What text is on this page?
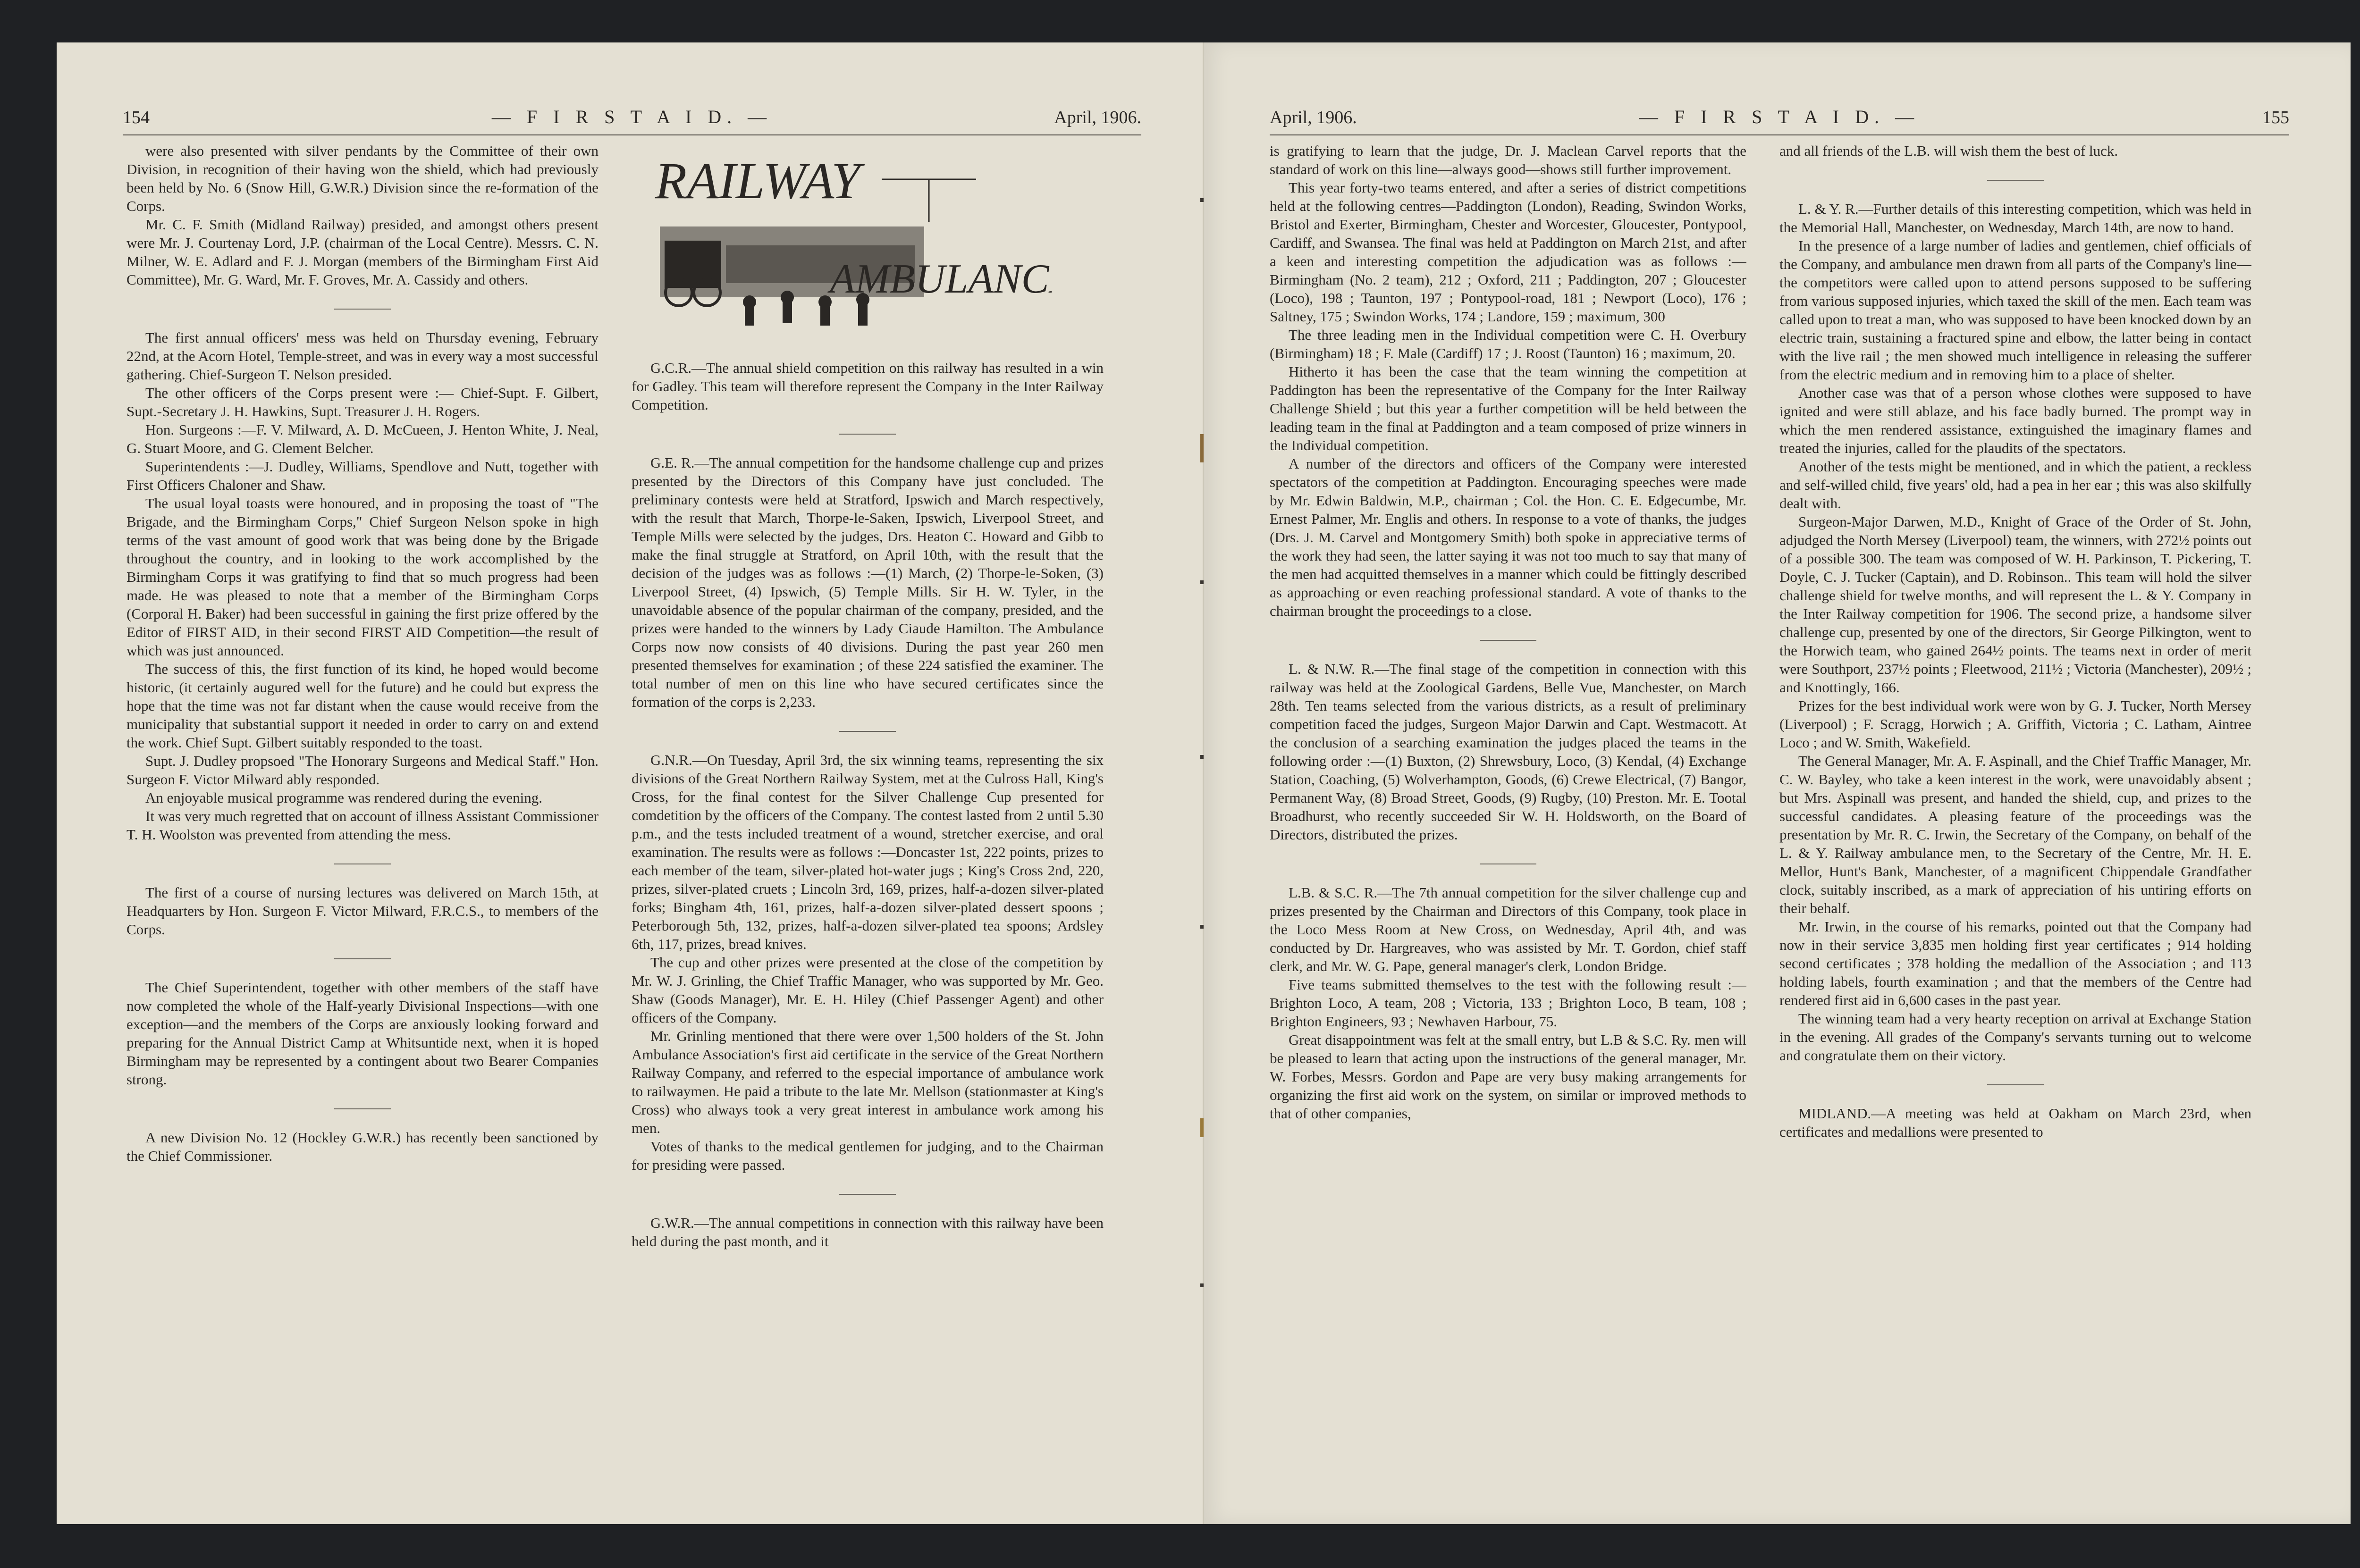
154	— F I R S T A I D. —	April, 1906.

were also presented with silver pendants by the Committee of their own Division, in recognition of their having won the shield, which had previously been held by No. 6 (Snow Hill, G.W.R.) Division since the re-formation of the Corps.

Mr. C. F. Smith (Midland Railway) presided, and amongst others present were Mr. J. Courtenay Lord, J.P. (chairman of the Local Centre). Messrs. C. N. Milner, W. E. Adlard and F. J. Morgan (members of the Birmingham First Aid Committee), Mr. G. Ward, Mr. F. Groves, Mr. A. Cassidy and others.

The first annual officers' mess was held on Thursday evening, February 22nd, at the Acorn Hotel, Temple-street, and was in every way a most successful gathering. Chief-Surgeon T. Nelson presided.

The other officers of the Corps present were :— Chief-Supt. F. Gilbert, Supt.-Secretary J. H. Hawkins, Supt. Treasurer J. H. Rogers.

Hon. Surgeons :—F. V. Milward, A. D. McCueen, J. Henton White, J. Neal, G. Stuart Moore, and G. Clement Belcher.

Superintendents :—J. Dudley, Williams, Spendlove and Nutt, together with First Officers Chaloner and Shaw.

The usual loyal toasts were honoured, and in proposing the toast of "The Brigade, and the Birmingham Corps," Chief Surgeon Nelson spoke in high terms of the vast amount of good work that was being done by the Brigade throughout the country, and in looking to the work accomplished by the Birmingham Corps it was gratifying to find that so much progress had been made. He was pleased to note that a member of the Birmingham Corps (Corporal H. Baker) had been successful in gaining the first prize offered by the Editor of FIRST AID, in their second FIRST AID Competition—the result of which was just announced.

The success of this, the first function of its kind, he hoped would become historic, (it certainly augured well for the future) and he could but express the hope that the time was not far distant when the cause would receive from the municipality that substantial support it needed in order to carry on and extend the work. Chief Supt. Gilbert suitably responded to the toast.

Supt. J. Dudley propsoed "The Honorary Surgeons and Medical Staff." Hon. Surgeon F. Victor Milward ably responded.

An enjoyable musical programme was rendered during the evening.

It was very much regretted that on account of illness Assistant Commissioner T. H. Woolston was prevented from attending the mess.

The first of a course of nursing lectures was delivered on March 15th, at Headquarters by Hon. Surgeon F. Victor Milward, F.R.C.S., to members of the Corps.

The Chief Superintendent, together with other members of the staff have now completed the whole of the Half-yearly Divisional Inspections—with one exception—and the members of the Corps are anxiously looking forward and preparing for the Annual District Camp at Whitsuntide next, when it is hoped Birmingham may be represented by a contingent about two Bearer Companies strong.

A new Division No. 12 (Hockley G.W.R.) has recently been sanctioned by the Chief Commissioner.

RAILWAY
AMBULANCE

G.C.R.—The annual shield competition on this railway has resulted in a win for Gadley. This team will therefore represent the Company in the Inter Railway Competition.

G.E. R.—The annual competition for the handsome challenge cup and prizes presented by the Directors of this Company have just concluded. The preliminary contests were held at Stratford, Ipswich and March respectively, with the result that March, Thorpe-le-Saken, Ipswich, Liverpool Street, and Temple Mills were selected by the judges, Drs. Heaton C. Howard and Gibb to make the final struggle at Stratford, on April 10th, with the result that the decision of the judges was as follows :—(1) March, (2) Thorpe-le-Soken, (3) Liverpool Street, (4) Ipswich, (5) Temple Mills. Sir H. W. Tyler, in the unavoidable absence of the popular chairman of the company, presided, and the prizes were handed to the winners by Lady Ciaude Hamilton. The Ambulance Corps now now consists of 40 divisions. During the past year 260 men presented themselves for examination ; of these 224 satisfied the examiner. The total number of men on this line who have secured certificates since the formation of the corps is 2,233.

G.N.R.—On Tuesday, April 3rd, the six winning teams, representing the six divisions of the Great Northern Railway System, met at the Culross Hall, King's Cross, for the final contest for the Silver Challenge Cup presented for comdetition by the officers of the Company. The contest lasted from 2 until 5.30 p.m., and the tests included treatment of a wound, stretcher exercise, and oral examination. The results were as follows :—Doncaster 1st, 222 points, prizes to each member of the team, silver-plated hot-water jugs ; King's Cross 2nd, 220, prizes, silver-plated cruets ; Lincoln 3rd, 169, prizes, half-a-dozen silver-plated forks; Bingham 4th, 161, prizes, half-a-dozen silver-plated dessert spoons ; Peterborough 5th, 132, prizes, half-a-dozen silver-plated tea spoons; Ardsley 6th, 117, prizes, bread knives.

The cup and other prizes were presented at the close of the competition by Mr. W. J. Grinling, the Chief Traffic Manager, who was supported by Mr. Geo. Shaw (Goods Manager), Mr. E. H. Hiley (Chief Passenger Agent) and other officers of the Company.

Mr. Grinling mentioned that there were over 1,500 holders of the St. John Ambulance Association's first aid certificate in the service of the Great Northern Railway Company, and referred to the especial importance of ambulance work to railwaymen. He paid a tribute to the late Mr. Mellson (stationmaster at King's Cross) who always took a very great interest in ambulance work among his men.

Votes of thanks to the medical gentlemen for judging, and to the Chairman for presiding were passed.

G.W.R.—The annual competitions in connection with this railway have been held during the past month, and it

April, 1906.	— F I R S T A I D. —	155

is gratifying to learn that the judge, Dr. J. Maclean Carvel reports that the standard of work on this line—always good—shows still further improvement.

This year forty-two teams entered, and after a series of district competitions held at the following centres—Paddington (London), Reading, Swindon Works, Bristol and Exerter, Birmingham, Chester and Worcester, Gloucester, Pontypool, Cardiff, and Swansea. The final was held at Paddington on March 21st, and after a keen and interesting competition the adjudication was as follows :—Birmingham (No. 2 team), 212 ; Oxford, 211 ; Paddington, 207 ; Gloucester (Loco), 198 ; Taunton, 197 ; Pontypool-road, 181 ; Newport (Loco), 176 ; Saltney, 175 ; Swindon Works, 174 ; Landore, 159 ; maximum, 300

The three leading men in the Individual competition were C. H. Overbury (Birmingham) 18 ; F. Male (Cardiff) 17 ; J. Roost (Taunton) 16 ; maximum, 20.

Hitherto it has been the case that the team winning the competition at Paddington has been the representative of the Company for the Inter Railway Challenge Shield ; but this year a further competition will be held between the leading team in the final at Paddington and a team composed of prize winners in the Individual competition.

A number of the directors and officers of the Company were interested spectators of the competition at Paddington. Encouraging speeches were made by Mr. Edwin Baldwin, M.P., chairman ; Col. the Hon. C. E. Edgecumbe, Mr. Ernest Palmer, Mr. Englis and others. In response to a vote of thanks, the judges (Drs. J. M. Carvel and Montgomery Smith) both spoke in appreciative terms of the work they had seen, the latter saying it was not too much to say that many of the men had acquitted themselves in a manner which could be fittingly described as approaching or even reaching professional standard. A vote of thanks to the chairman brought the proceedings to a close.

L. & N.W. R.—The final stage of the competition in connection with this railway was held at the Zoological Gardens, Belle Vue, Manchester, on March 28th. Ten teams selected from the various districts, as a result of preliminary competition faced the judges, Surgeon Major Darwin and Capt. Westmacott. At the conclusion of a searching examination the judges placed the teams in the following order :—(1) Buxton, (2) Shrewsbury, Loco, (3) Kendal, (4) Exchange Station, Coaching, (5) Wolverhampton, Goods, (6) Crewe Electrical, (7) Bangor, Permanent Way, (8) Broad Street, Goods, (9) Rugby, (10) Preston. Mr. E. Tootal Broadhurst, who recently succeeded Sir W. H. Holdsworth, on the Board of Directors, distributed the prizes.

L.B. & S.C. R.—The 7th annual competition for the silver challenge cup and prizes presented by the Chairman and Directors of this Company, took place in the Loco Mess Room at New Cross, on Wednesday, April 4th, and was conducted by Dr. Hargreaves, who was assisted by Mr. T. Gordon, chief staff clerk, and Mr. W. G. Pape, general manager's clerk, London Bridge.

Five teams submitted themselves to the test with the following result :—Brighton Loco, A team, 208 ; Victoria, 133 ; Brighton Loco, B team, 108 ; Brighton Engineers, 93 ; Newhaven Harbour, 75.

Great disappointment was felt at the small entry, but L.B & S.C. Ry. men will be pleased to learn that acting upon the instructions of the general manager, Mr. W. Forbes, Messrs. Gordon and Pape are very busy making arrangements for organizing the first aid work on the system, on similar or improved methods to that of other companies,

and all friends of the L.B. will wish them the best of luck.

L. & Y. R.—Further details of this interesting competition, which was held in the Memorial Hall, Manchester, on Wednesday, March 14th, are now to hand.

In the presence of a large number of ladies and gentlemen, chief officials of the Company, and ambulance men drawn from all parts of the Company's line—the competitors were called upon to attend persons supposed to be suffering from various supposed injuries, which taxed the skill of the men. Each team was called upon to treat a man, who was supposed to have been knocked down by an electric train, sustaining a fractured spine and elbow, the latter being in contact with the live rail ; the men showed much intelligence in releasing the sufferer from the electric medium and in removing him to a place of shelter.

Another case was that of a person whose clothes were supposed to have ignited and were still ablaze, and his face badly burned. The prompt way in which the men rendered assistance, extinguished the imaginary flames and treated the injuries, called for the plaudits of the spectators.

Another of the tests might be mentioned, and in which the patient, a reckless and self-willed child, five years' old, had a pea in her ear ; this was also skilfully dealt with.

Surgeon-Major Darwen, M.D., Knight of Grace of the Order of St. John, adjudged the North Mersey (Liverpool) team, the winners, with 272½ points out of a possible 300. The team was composed of W. H. Parkinson, T. Pickering, T. Doyle, C. J. Tucker (Captain), and D. Robinson.. This team will hold the silver challenge shield for twelve months, and will represent the L. & Y. Company in the Inter Railway competition for 1906. The second prize, a handsome silver challenge cup, presented by one of the directors, Sir George Pilkington, went to the Horwich team, who gained 264½ points. The teams next in order of merit were Southport, 237½ points ; Fleetwood, 211½ ; Victoria (Manchester), 209½ ; and Knottingly, 166.

Prizes for the best individual work were won by G. J. Tucker, North Mersey (Liverpool) ; F. Scragg, Horwich ; A. Griffith, Victoria ; C. Latham, Aintree Loco ; and W. Smith, Wakefield.

The General Manager, Mr. A. F. Aspinall, and the Chief Traffic Manager, Mr. C. W. Bayley, who take a keen interest in the work, were unavoidably absent ; but Mrs. Aspinall was present, and handed the shield, cup, and prizes to the successful candidates. A pleasing feature of the proceedings was the presentation by Mr. R. C. Irwin, the Secretary of the Company, on behalf of the L. & Y. Railway ambulance men, to the Secretary of the Centre, Mr. H. E. Mellor, Hunt's Bank, Manchester, of a magnificent Chippendale Grandfather clock, suitably inscribed, as a mark of appreciation of his untiring efforts on their behalf.

Mr. Irwin, in the course of his remarks, pointed out that the Company had now in their service 3,835 men holding first year certificates ; 914 holding second certificates ; 378 holding the medallion of the Association ; and 113 holding labels, fourth examination ; and that the members of the Centre had rendered first aid in 6,600 cases in the past year.

The winning team had a very hearty reception on arrival at Exchange Station in the evening. All grades of the Company's servants turning out to welcome and congratulate them on their victory.

MIDLAND.—A meeting was held at Oakham on March 23rd, when certificates and medallions were presented to
